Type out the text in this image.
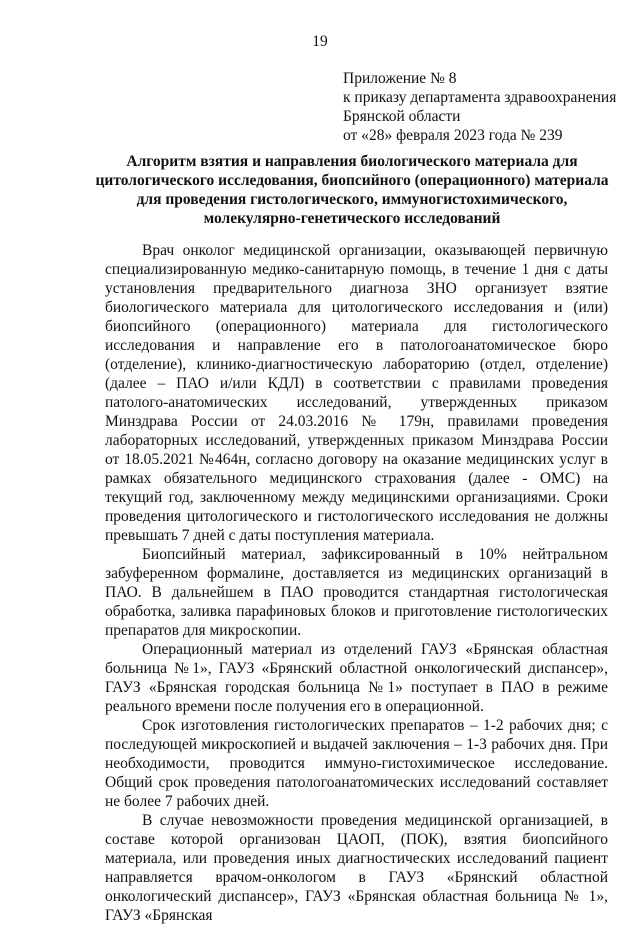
19
Приложение № 8
к приказу департамента здравоохранения
Брянской области
от «28» февраля 2023 года № 239
Алгоритм взятия и направления биологического материала для
цитологического исследования, биопсийного (операционного) материала
для проведения гистологического, иммуногистохимического,
молекулярно-генетического исследований

Врач онколог медицинской организации, оказывающей первичную специализированную медико-санитарную помощь, в течение 1 дня с даты установления предварительного диагноза ЗНО организует взятие биологического материала для цитологического исследования и (или) биопсийного (операционного) материала для гистологического исследования и направление его в патологоанатомическое бюро (отделение), клинико-диагностическую лабораторию (отдел, отделение) (далее – ПАО и/или КДЛ) в соответствии с правилами проведения патолого-анатомических исследований, утвержденных приказом Минздрава России от 24.03.2016 № 179н, правилами проведения лабораторных исследований, утвержденных приказом Минздрава России от 18.05.2021 №464н, согласно договору на оказание медицинских услуг в рамках обязательного медицинского страхования (далее - ОМС) на текущий год, заключенному между медицинскими организациями. Сроки проведения цитологического и гистологического исследования не должны превышать 7 дней с даты поступления материала.

Биопсийный материал, зафиксированный в 10% нейтральном забуференном формалине, доставляется из медицинских организаций в ПАО. В дальнейшем в ПАО проводится стандартная гистологическая обработка, заливка парафиновых блоков и приготовление гистологических препаратов для микроскопии.

Операционный материал из отделений ГАУЗ «Брянская областная больница №1», ГАУЗ «Брянский областной онкологический диспансер», ГАУЗ «Брянская городская больница №1» поступает в ПАО в режиме реального времени после получения его в операционной.

Срок изготовления гистологических препаратов – 1-2 рабочих дня; с последующей микроскопией и выдачей заключения – 1-3 рабочих дня. При необходимости, проводится иммуно-гистохимическое исследование. Общий срок проведения патологоанатомических исследований составляет не более 7 рабочих дней.

В случае невозможности проведения медицинской организацией, в составе которой организован ЦАОП, (ПОК), взятия биопсийного материала, или проведения иных диагностических исследований пациент направляется врачом-онкологом в ГАУЗ «Брянский областной онкологический диспансер», ГАУЗ «Брянская областная больница № 1», ГАУЗ «Брянская
